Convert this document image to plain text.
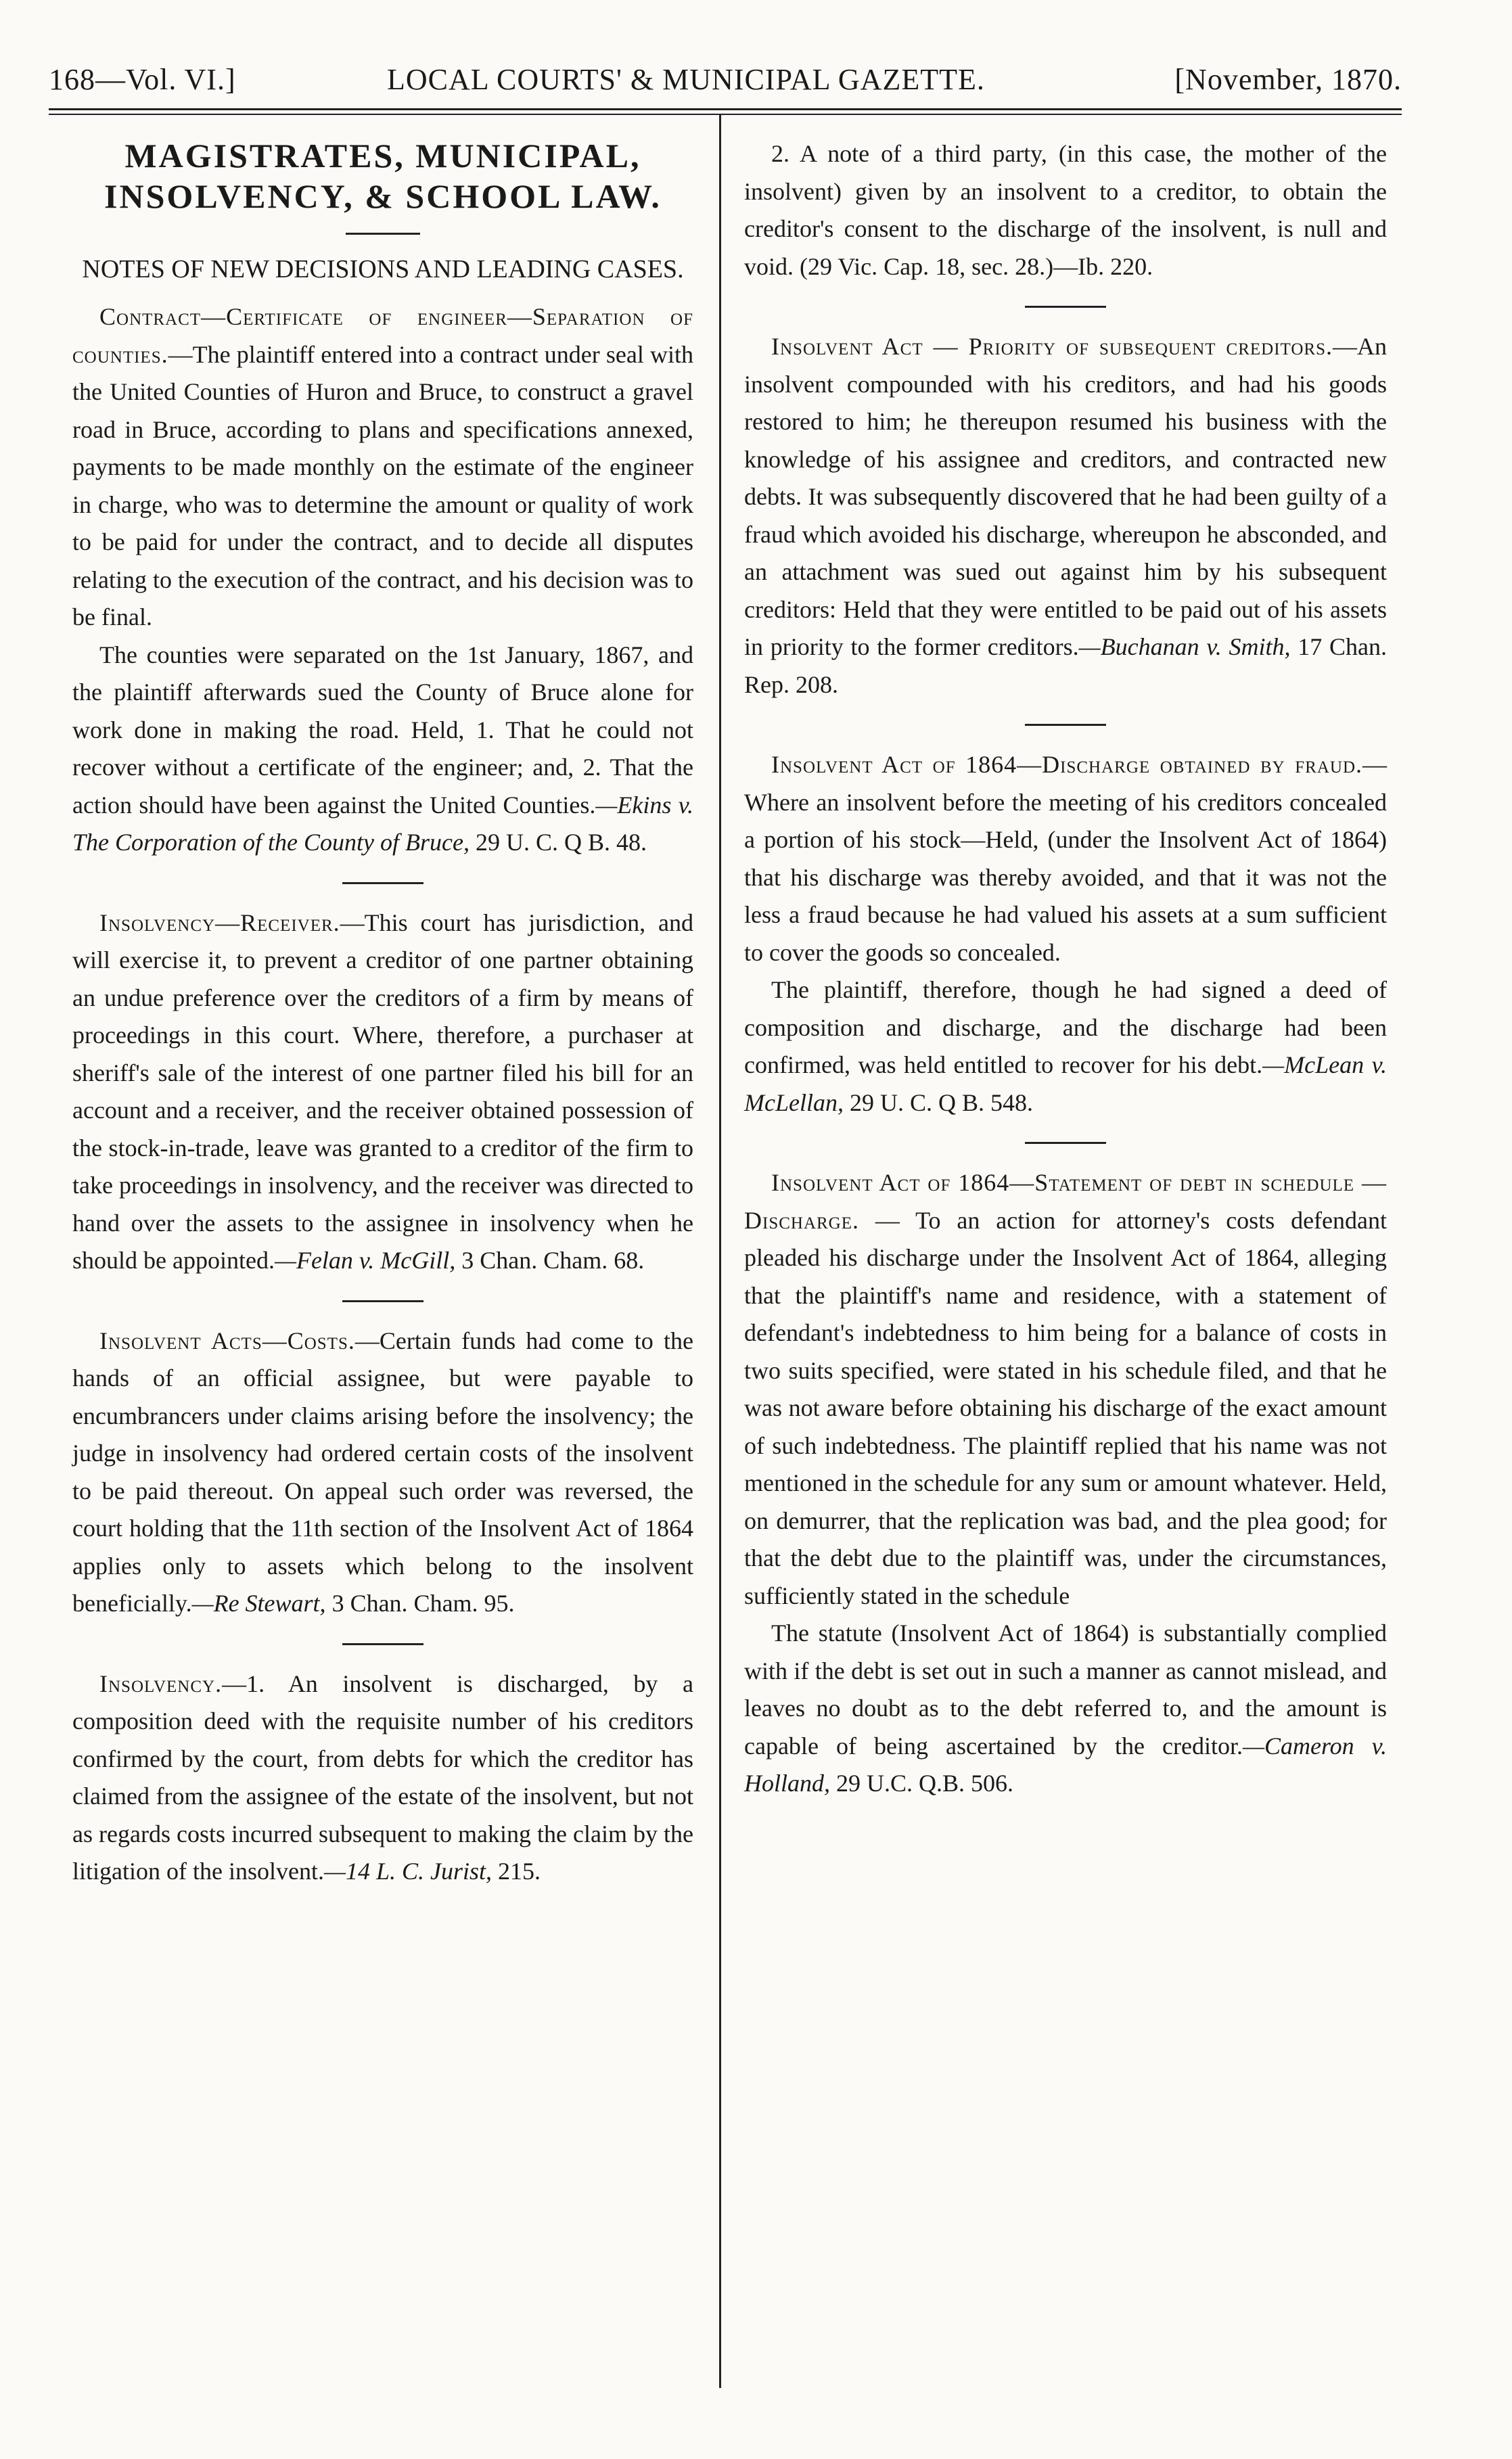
168—Vol. VI.]	LOCAL COURTS' & MUNICIPAL GAZETTE.	[November, 1870.
MAGISTRATES, MUNICIPAL, INSOLVENCY, & SCHOOL LAW.
NOTES OF NEW DECISIONS AND LEADING CASES.

Contract—Certificate of engineer—Separation of counties.—The plaintiff entered into a contract under seal with the United Counties of Huron and Bruce, to construct a gravel road in Bruce, according to plans and specifications annexed, payments to be made monthly on the estimate of the engineer in charge, who was to determine the amount or quality of work to be paid for under the contract, and to decide all disputes relating to the execution of the contract, and his decision was to be final.

The counties were separated on the 1st January, 1867, and the plaintiff afterwards sued the County of Bruce alone for work done in making the road. Held, 1. That he could not recover without a certificate of the engineer; and, 2. That the action should have been against the United Counties.—Ekins v. The Corporation of the County of Bruce, 29 U. C. Q B. 48.

Insolvency—Receiver.—This court has jurisdiction, and will exercise it, to prevent a creditor of one partner obtaining an undue preference over the creditors of a firm by means of proceedings in this court. Where, therefore, a purchaser at sheriff's sale of the interest of one partner filed his bill for an account and a receiver, and the receiver obtained possession of the stock-in-trade, leave was granted to a creditor of the firm to take proceedings in insolvency, and the receiver was directed to hand over the assets to the assignee in insolvency when he should be appointed.—Felan v. McGill, 3 Chan. Cham. 68.

Insolvent Acts—Costs.—Certain funds had come to the hands of an official assignee, but were payable to encumbrancers under claims arising before the insolvency; the judge in insolvency had ordered certain costs of the insolvent to be paid thereout. On appeal such order was reversed, the court holding that the 11th section of the Insolvent Act of 1864 applies only to assets which belong to the insolvent beneficially.—Re Stewart, 3 Chan. Cham. 95.

Insolvency.—1. An insolvent is discharged, by a composition deed with the requisite number of his creditors confirmed by the court, from debts for which the creditor has claimed from the assignee of the estate of the insolvent, but not as regards costs incurred subsequent to making the claim by the litigation of the insolvent.—14 L. C. Jurist, 215.

2. A note of a third party, (in this case, the mother of the insolvent) given by an insolvent to a creditor, to obtain the creditor's consent to the discharge of the insolvent, is null and void. (29 Vic. Cap. 18, sec. 28.)—Ib. 220.

Insolvent Act — Priority of subsequent creditors.—An insolvent compounded with his creditors, and had his goods restored to him; he thereupon resumed his business with the knowledge of his assignee and creditors, and contracted new debts. It was subsequently discovered that he had been guilty of a fraud which avoided his discharge, whereupon he absconded, and an attachment was sued out against him by his subsequent creditors: Held that they were entitled to be paid out of his assets in priority to the former creditors.—Buchanan v. Smith, 17 Chan. Rep. 208.

Insolvent Act of 1864—Discharge obtained by fraud.—Where an insolvent before the meeting of his creditors concealed a portion of his stock—Held, (under the Insolvent Act of 1864) that his discharge was thereby avoided, and that it was not the less a fraud because he had valued his assets at a sum sufficient to cover the goods so concealed.

The plaintiff, therefore, though he had signed a deed of composition and discharge, and the discharge had been confirmed, was held entitled to recover for his debt.—McLean v. McLellan, 29 U. C. Q B. 548.

Insolvent Act of 1864—Statement of debt in schedule — Discharge. — To an action for attorney's costs defendant pleaded his discharge under the Insolvent Act of 1864, alleging that the plaintiff's name and residence, with a statement of defendant's indebtedness to him being for a balance of costs in two suits specified, were stated in his schedule filed, and that he was not aware before obtaining his discharge of the exact amount of such indebtedness. The plaintiff replied that his name was not mentioned in the schedule for any sum or amount whatever. Held, on demurrer, that the replication was bad, and the plea good; for that the debt due to the plaintiff was, under the circumstances, sufficiently stated in the schedule

The statute (Insolvent Act of 1864) is substantially complied with if the debt is set out in such a manner as cannot mislead, and leaves no doubt as to the debt referred to, and the amount is capable of being ascertained by the creditor.—Cameron v. Holland, 29 U.C. Q.B. 506.
